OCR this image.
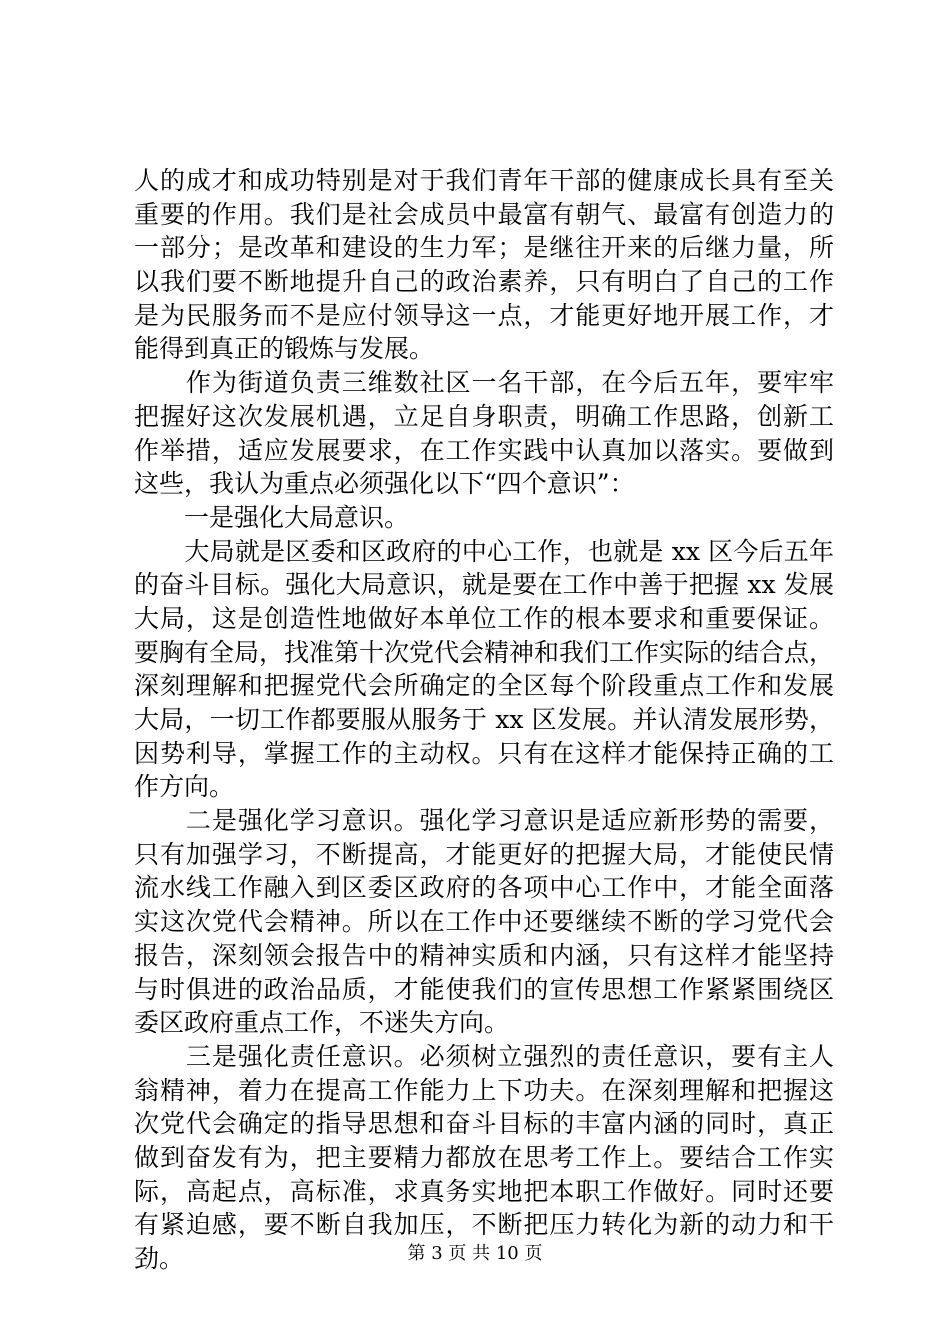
人的成才和成功特别是对于我们青年干部的健康成长具有至关
重要的作用。我们是社会成员中最富有朝气、最富有创造力的
一部分；是改革和建设的生力军；是继往开来的后继力量，所
以我们要不断地提升自己的政治素养，只有明白了自己的工作
是为民服务而不是应付领导这一点，才能更好地开展工作，才
能得到真正的锻炼与发展。
　　作为街道负责三维数社区一名干部，在今后五年，要牢牢
把握好这次发展机遇，立足自身职责，明确工作思路，创新工
作举措，适应发展要求，在工作实践中认真加以落实。要做到
这些，我认为重点必须强化以下“四个意识”：
　　一是强化大局意识。
　　大局就是区委和区政府的中心工作，也就是 xx 区今后五年
的奋斗目标。强化大局意识，就是要在工作中善于把握 xx 发展
大局，这是创造性地做好本单位工作的根本要求和重要保证。
要胸有全局，找准第十次党代会精神和我们工作实际的结合点，
深刻理解和把握党代会所确定的全区每个阶段重点工作和发展
大局，一切工作都要服从服务于 xx 区发展。并认清发展形势，
因势利导，掌握工作的主动权。只有在这样才能保持正确的工
作方向。
　　二是强化学习意识。强化学习意识是适应新形势的需要，
只有加强学习，不断提高，才能更好的把握大局，才能使民情
流水线工作融入到区委区政府的各项中心工作中，才能全面落
实这次党代会精神。所以在工作中还要继续不断的学习党代会
报告，深刻领会报告中的精神实质和内涵，只有这样才能坚持
与时俱进的政治品质，才能使我们的宣传思想工作紧紧围绕区
委区政府重点工作，不迷失方向。
　　三是强化责任意识。必须树立强烈的责任意识，要有主人
翁精神，着力在提高工作能力上下功夫。在深刻理解和把握这
次党代会确定的指导思想和奋斗目标的丰富内涵的同时，真正
做到奋发有为，把主要精力都放在思考工作上。要结合工作实
际，高起点，高标准，求真务实地把本职工作做好。同时还要
有紧迫感，要不断自我加压，不断把压力转化为新的动力和干
劲。	第 3 页 共 10 页
